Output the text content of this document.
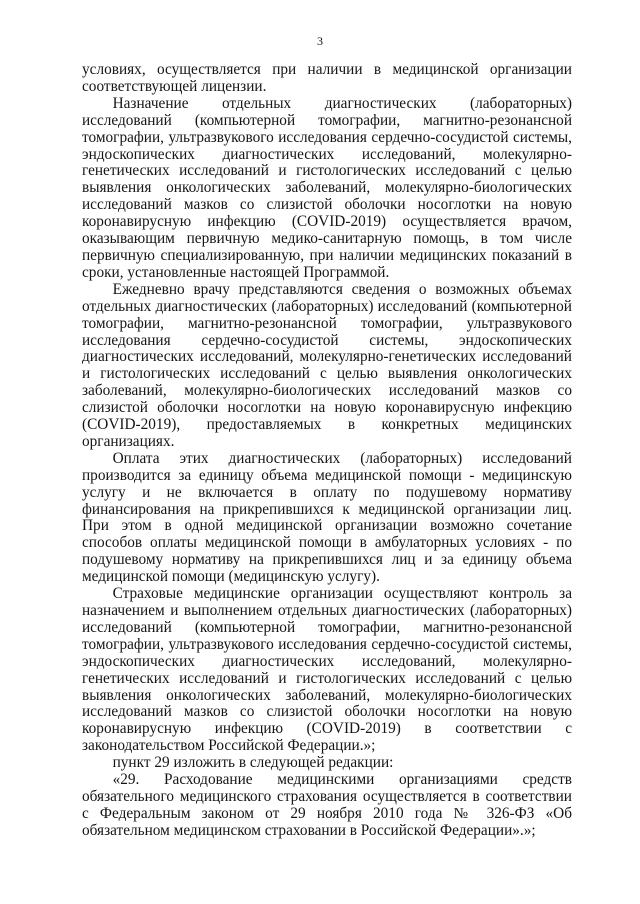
3

условиях, осуществляется при наличии в медицинской организации соответствующей лицензии.

Назначение отдельных диагностических (лабораторных) исследований (компьютерной томографии, магнитно-резонансной томографии, ультразвукового исследования сердечно-сосудистой системы, эндоскопических диагностических исследований, молекулярно-генетических исследований и гистологических исследований с целью выявления онкологических заболеваний, молекулярно-биологических исследований мазков со слизистой оболочки носоглотки на новую коронавирусную инфекцию (COVID-2019) осуществляется врачом, оказывающим первичную медико-санитарную помощь, в том числе первичную специализированную, при наличии медицинских показаний в сроки, установленные настоящей Программой.

Ежедневно врачу представляются сведения о возможных объемах отдельных диагностических (лабораторных) исследований (компьютерной томографии, магнитно-резонансной томографии, ультразвукового исследования сердечно-сосудистой системы, эндоскопических диагностических исследований, молекулярно-генетических исследований и гистологических исследований с целью выявления онкологических заболеваний, молекулярно-биологических исследований мазков со слизистой оболочки носоглотки на новую коронавирусную инфекцию (COVID-2019), предоставляемых в конкретных медицинских организациях.

Оплата этих диагностических (лабораторных) исследований производится за единицу объема медицинской помощи - медицинскую услугу и не включается в оплату по подушевому нормативу финансирования на прикрепившихся к медицинской организации лиц. При этом в одной медицинской организации возможно сочетание способов оплаты медицинской помощи в амбулаторных условиях - по подушевому нормативу на прикрепившихся лиц и за единицу объема медицинской помощи (медицинскую услугу).

Страховые медицинские организации осуществляют контроль за назначением и выполнением отдельных диагностических (лабораторных) исследований (компьютерной томографии, магнитно-резонансной томографии, ультразвукового исследования сердечно-сосудистой системы, эндоскопических диагностических исследований, молекулярно-генетических исследований и гистологических исследований с целью выявления онкологических заболеваний, молекулярно-биологических исследований мазков со слизистой оболочки носоглотки на новую коронавирусную инфекцию (COVID-2019) в соответствии с законодательством Российской Федерации.»;

пункт 29 изложить в следующей редакции:

«29. Расходование медицинскими организациями средств обязательного медицинского страхования осуществляется в соответствии с Федеральным законом от 29 ноября 2010 года № 326-ФЗ «Об обязательном медицинском страховании в Российской Федерации».»;
